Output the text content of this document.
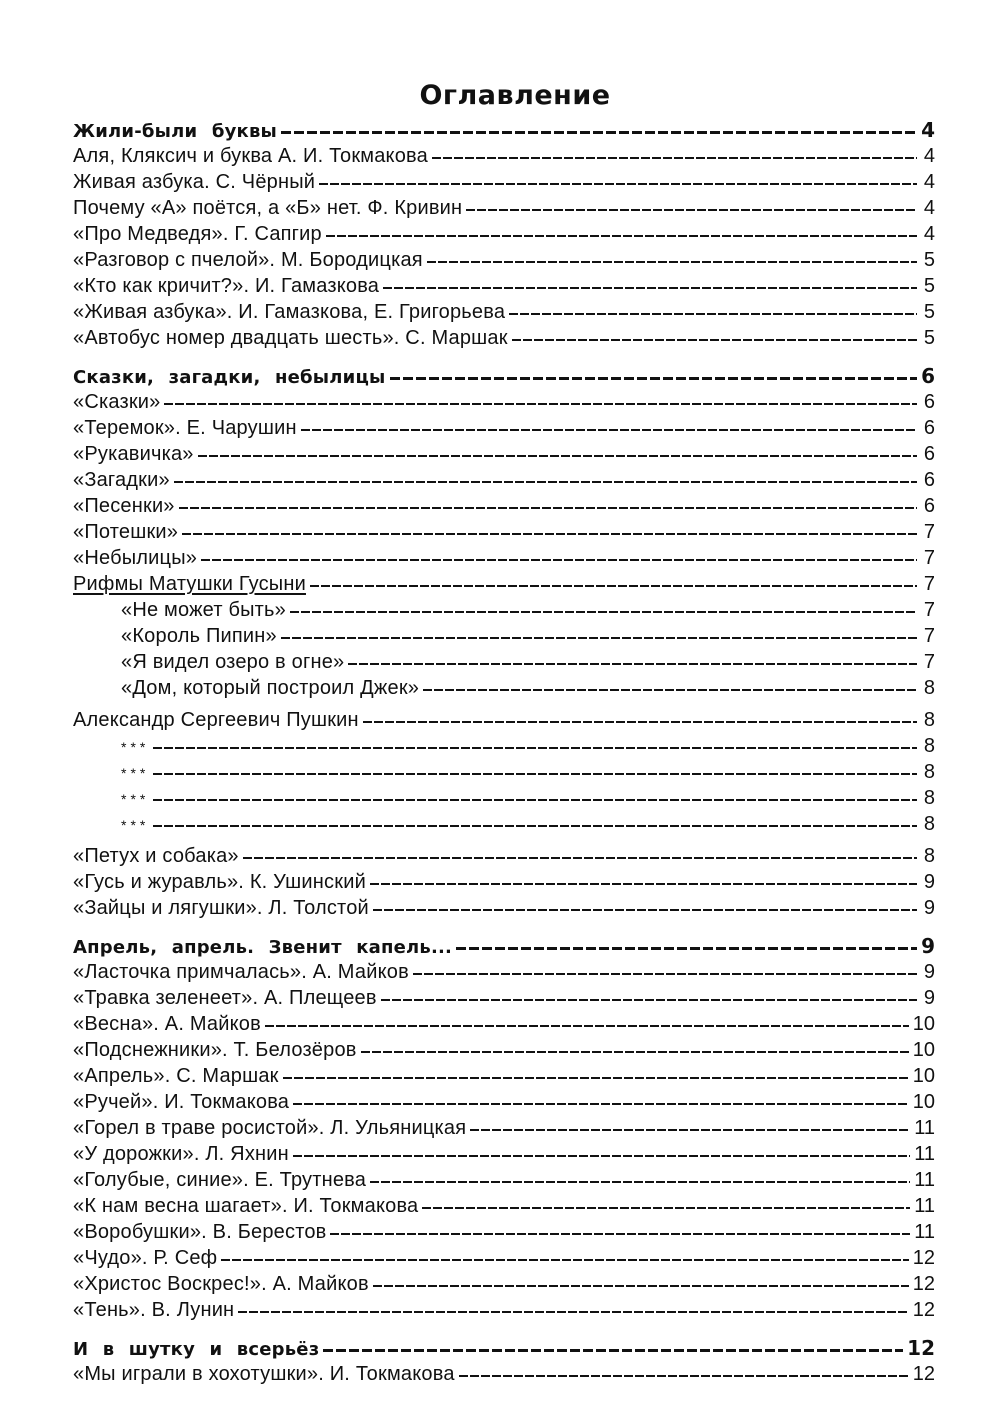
Оглавление
Жили-были буквы	4
Аля, Кляксич и буква А. И. Токмакова	4
Живая азбука. С. Чёрный	4
Почему «А» поётся, а «Б» нет. Ф. Кривин	4
«Про Медведя». Г. Сапгир	4
«Разговор с пчелой». М. Бородицкая	5
«Кто как кричит?». И. Гамазкова	5
«Живая азбука». И. Гамазкова, Е. Григорьева	5
«Автобус номер двадцать шесть». С. Маршак	5
Сказки, загадки, небылицы	6
«Сказки»	6
«Теремок». Е. Чарушин	6
«Рукавичка»	6
«Загадки»	6
«Песенки»	6
«Потешки»	7
«Небылицы»	7
Рифмы Матушки Гусыни	7
«Не может быть»	7
«Король Пипин»	7
«Я видел озеро в огне»	7
«Дом, который построил Джек»	8
Александр Сергеевич Пушкин	8
***	8
***	8
***	8
***	8
«Петух и собака»	8
«Гусь и журавль». К. Ушинский	9
«Зайцы и лягушки». Л. Толстой	9
Апрель, апрель. Звенит капель...	9
«Ласточка примчалась». А. Майков	9
«Травка зеленеет». А. Плещеев	9
«Весна». А. Майков	10
«Подснежники». Т. Белозёров	10
«Апрель». С. Маршак	10
«Ручей». И. Токмакова	10
«Горел в траве росистой». Л. Ульяницкая	11
«У дорожки». Л. Яхнин	11
«Голубые, синие». Е. Трутнева	11
«К нам весна шагает». И. Токмакова	11
«Воробушки». В. Берестов	11
«Чудо». Р. Сеф	12
«Христос Воскрес!». А. Майков	12
«Тень». В. Лунин	12
И в шутку и всерьёз	12
«Мы играли в хохотушки». И. Токмакова	12
